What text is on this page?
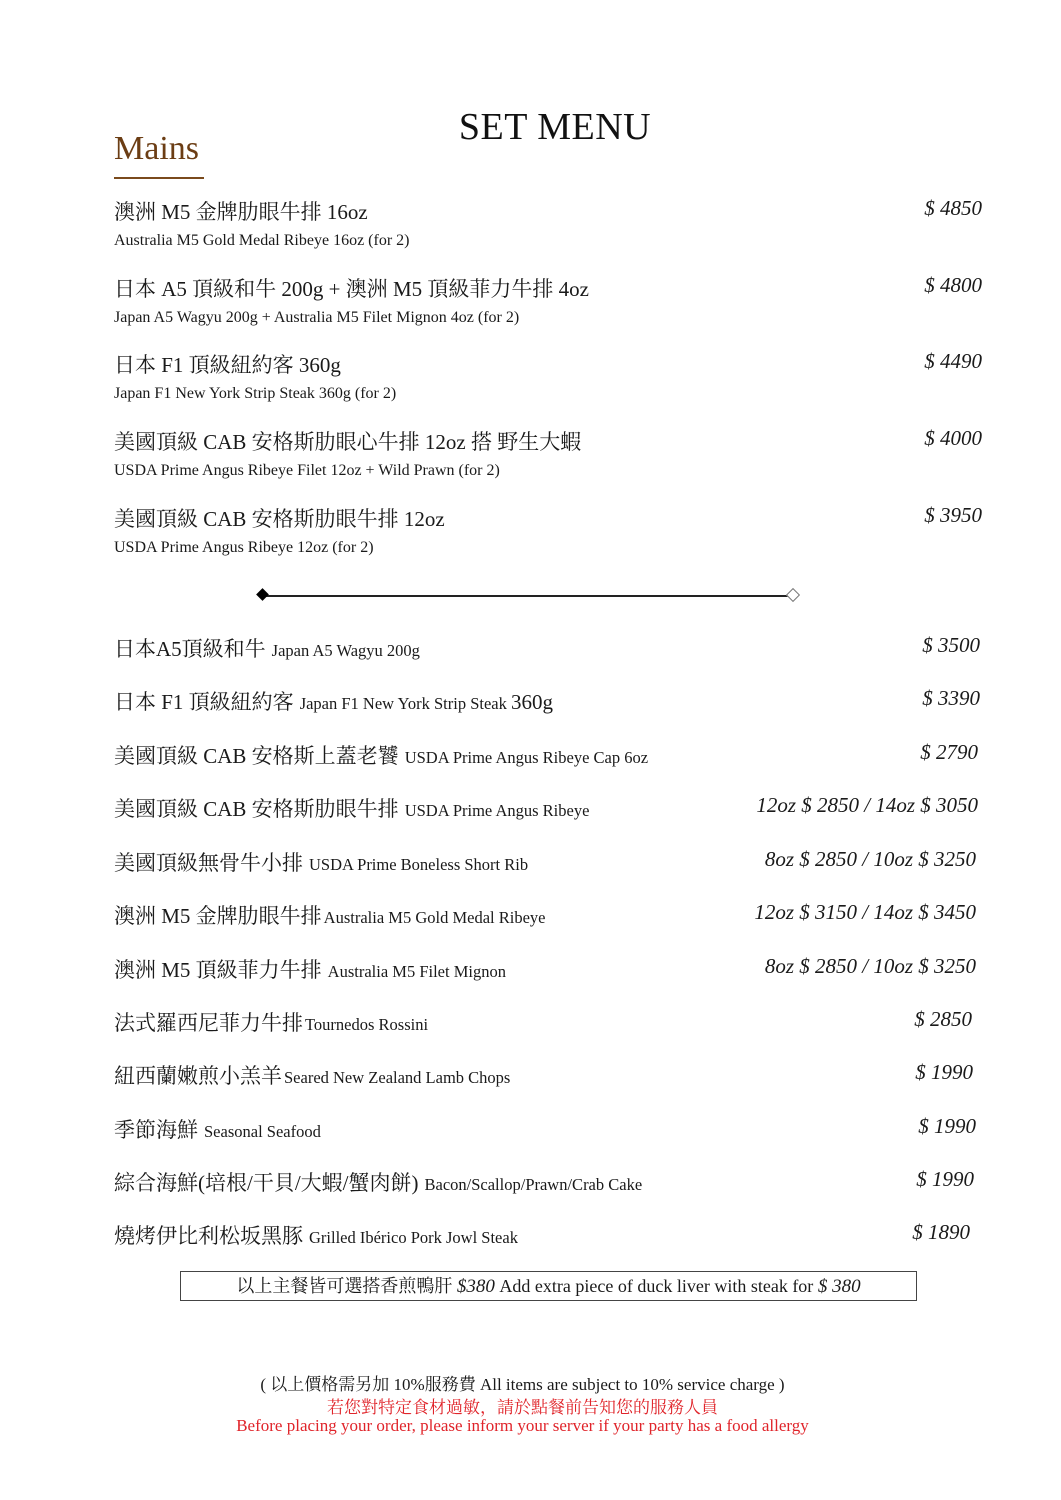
SET MENU
Mains
澳洲 M5 金牌肋眼牛排 16oz
Australia M5 Gold Medal Ribeye 16oz (for 2)
$ 4850
日本 A5 頂級和牛 200g + 澳洲 M5 頂級菲力牛排 4oz
Japan A5 Wagyu 200g + Australia M5 Filet Mignon 4oz (for 2)
$ 4800
日本 F1 頂級紐約客 360g
Japan F1 New York Strip Steak 360g (for 2)
$ 4490
美國頂級 CAB 安格斯肋眼心牛排 12oz 搭 野生大蝦
USDA Prime Angus Ribeye Filet 12oz + Wild Prawn (for 2)
$ 4000
美國頂級 CAB 安格斯肋眼牛排 12oz
USDA Prime Angus Ribeye 12oz (for 2)
$ 3950
日本A5頂級和牛 Japan A5 Wagyu 200g	$ 3500
日本 F1 頂級紐約客 Japan F1 New York Strip Steak 360g	$ 3390
美國頂級 CAB 安格斯上蓋老饕 USDA Prime Angus Ribeye Cap 6oz	$ 2790
美國頂級 CAB 安格斯肋眼牛排 USDA Prime Angus Ribeye	12oz $ 2850 / 14oz $ 3050
美國頂級無骨牛小排 USDA Prime Boneless Short Rib	8oz $ 2850 / 10oz $ 3250
澳洲 M5 金牌肋眼牛排 Australia M5 Gold Medal Ribeye	12oz $ 3150 / 14oz $ 3450
澳洲 M5 頂級菲力牛排 Australia M5 Filet Mignon	8oz $ 2850 / 10oz $ 3250
法式羅西尼菲力牛排 Tournedos Rossini	$ 2850
紐西蘭嫩煎小羔羊 Seared New Zealand Lamb Chops	$ 1990
季節海鮮 Seasonal Seafood	$ 1990
綜合海鮮(培根/干貝/大蝦/蟹肉餅) Bacon/Scallop/Prawn/Crab Cake	$ 1990
燒烤伊比利松坂黑豚 Grilled Ibérico Pork Jowl Steak	$ 1890
以上主餐皆可選搭香煎鴨肝 $380 Add extra piece of duck liver with steak for $ 380
( 以上價格需另加 10%服務費 All items are subject to 10% service charge )
若您對特定食材過敏，請於點餐前告知您的服務人員
Before placing your order, please inform your server if your party has a food allergy
